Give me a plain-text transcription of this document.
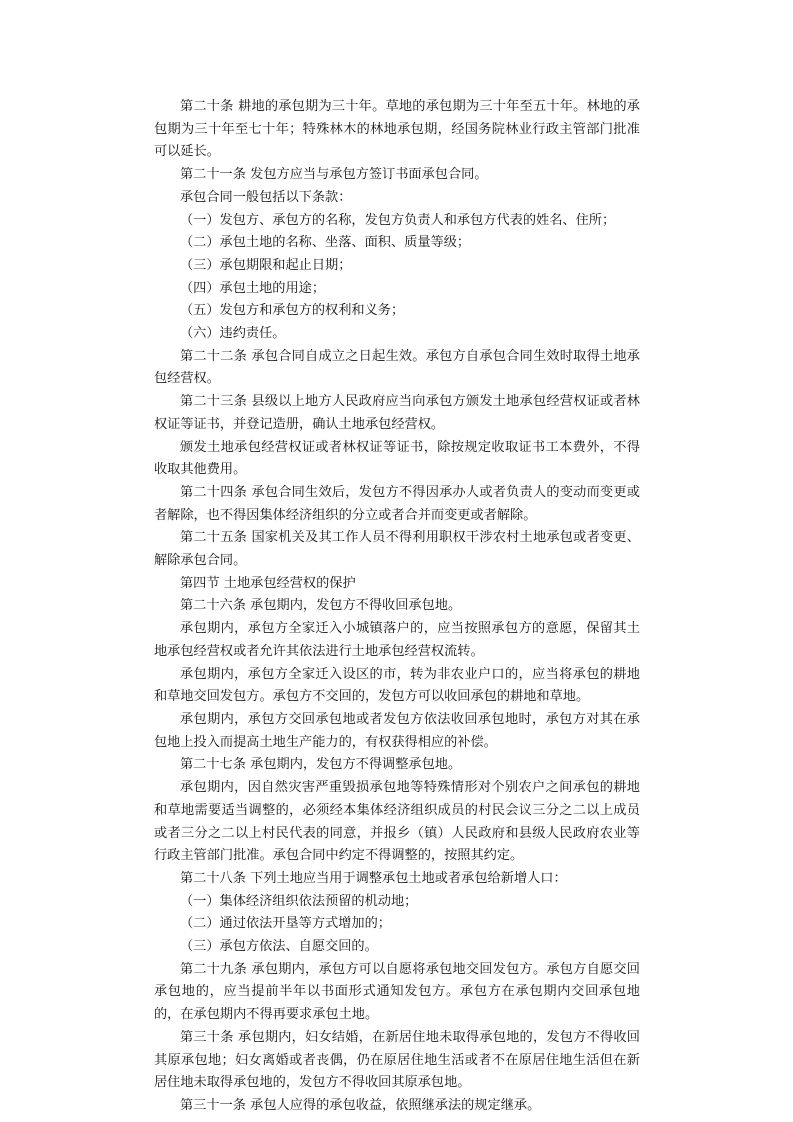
第二十条 耕地的承包期为三十年。草地的承包期为三十年至五十年。林地的承包期为三十年至七十年；特殊林木的林地承包期，经国务院林业行政主管部门批准可以延长。

第二十一条 发包方应当与承包方签订书面承包合同。

承包合同一般包括以下条款：

（一）发包方、承包方的名称，发包方负责人和承包方代表的姓名、住所；

（二）承包土地的名称、坐落、面积、质量等级；

（三）承包期限和起止日期；

（四）承包土地的用途；

（五）发包方和承包方的权利和义务；

（六）违约责任。

第二十二条 承包合同自成立之日起生效。承包方自承包合同生效时取得土地承包经营权。

第二十三条 县级以上地方人民政府应当向承包方颁发土地承包经营权证或者林权证等证书，并登记造册，确认土地承包经营权。

颁发土地承包经营权证或者林权证等证书，除按规定收取证书工本费外，不得收取其他费用。

第二十四条 承包合同生效后，发包方不得因承办人或者负责人的变动而变更或者解除，也不得因集体经济组织的分立或者合并而变更或者解除。

第二十五条 国家机关及其工作人员不得利用职权干涉农村土地承包或者变更、解除承包合同。

第四节 土地承包经营权的保护

第二十六条 承包期内，发包方不得收回承包地。

承包期内，承包方全家迁入小城镇落户的，应当按照承包方的意愿，保留其土地承包经营权或者允许其依法进行土地承包经营权流转。

承包期内，承包方全家迁入设区的市，转为非农业户口的，应当将承包的耕地和草地交回发包方。承包方不交回的，发包方可以收回承包的耕地和草地。

承包期内，承包方交回承包地或者发包方依法收回承包地时，承包方对其在承包地上投入而提高土地生产能力的，有权获得相应的补偿。

第二十七条 承包期内，发包方不得调整承包地。

承包期内，因自然灾害严重毁损承包地等特殊情形对个别农户之间承包的耕地和草地需要适当调整的，必须经本集体经济组织成员的村民会议三分之二以上成员或者三分之二以上村民代表的同意，并报乡（镇）人民政府和县级人民政府农业等行政主管部门批准。承包合同中约定不得调整的，按照其约定。

第二十八条 下列土地应当用于调整承包土地或者承包给新增人口：

（一）集体经济组织依法预留的机动地；

（二）通过依法开垦等方式增加的；

（三）承包方依法、自愿交回的。

第二十九条 承包期内，承包方可以自愿将承包地交回发包方。承包方自愿交回承包地的，应当提前半年以书面形式通知发包方。承包方在承包期内交回承包地的，在承包期内不得再要求承包土地。

第三十条 承包期内，妇女结婚，在新居住地未取得承包地的，发包方不得收回其原承包地；妇女离婚或者丧偶，仍在原居住地生活或者不在原居住地生活但在新居住地未取得承包地的，发包方不得收回其原承包地。

第三十一条 承包人应得的承包收益，依照继承法的规定继承。
